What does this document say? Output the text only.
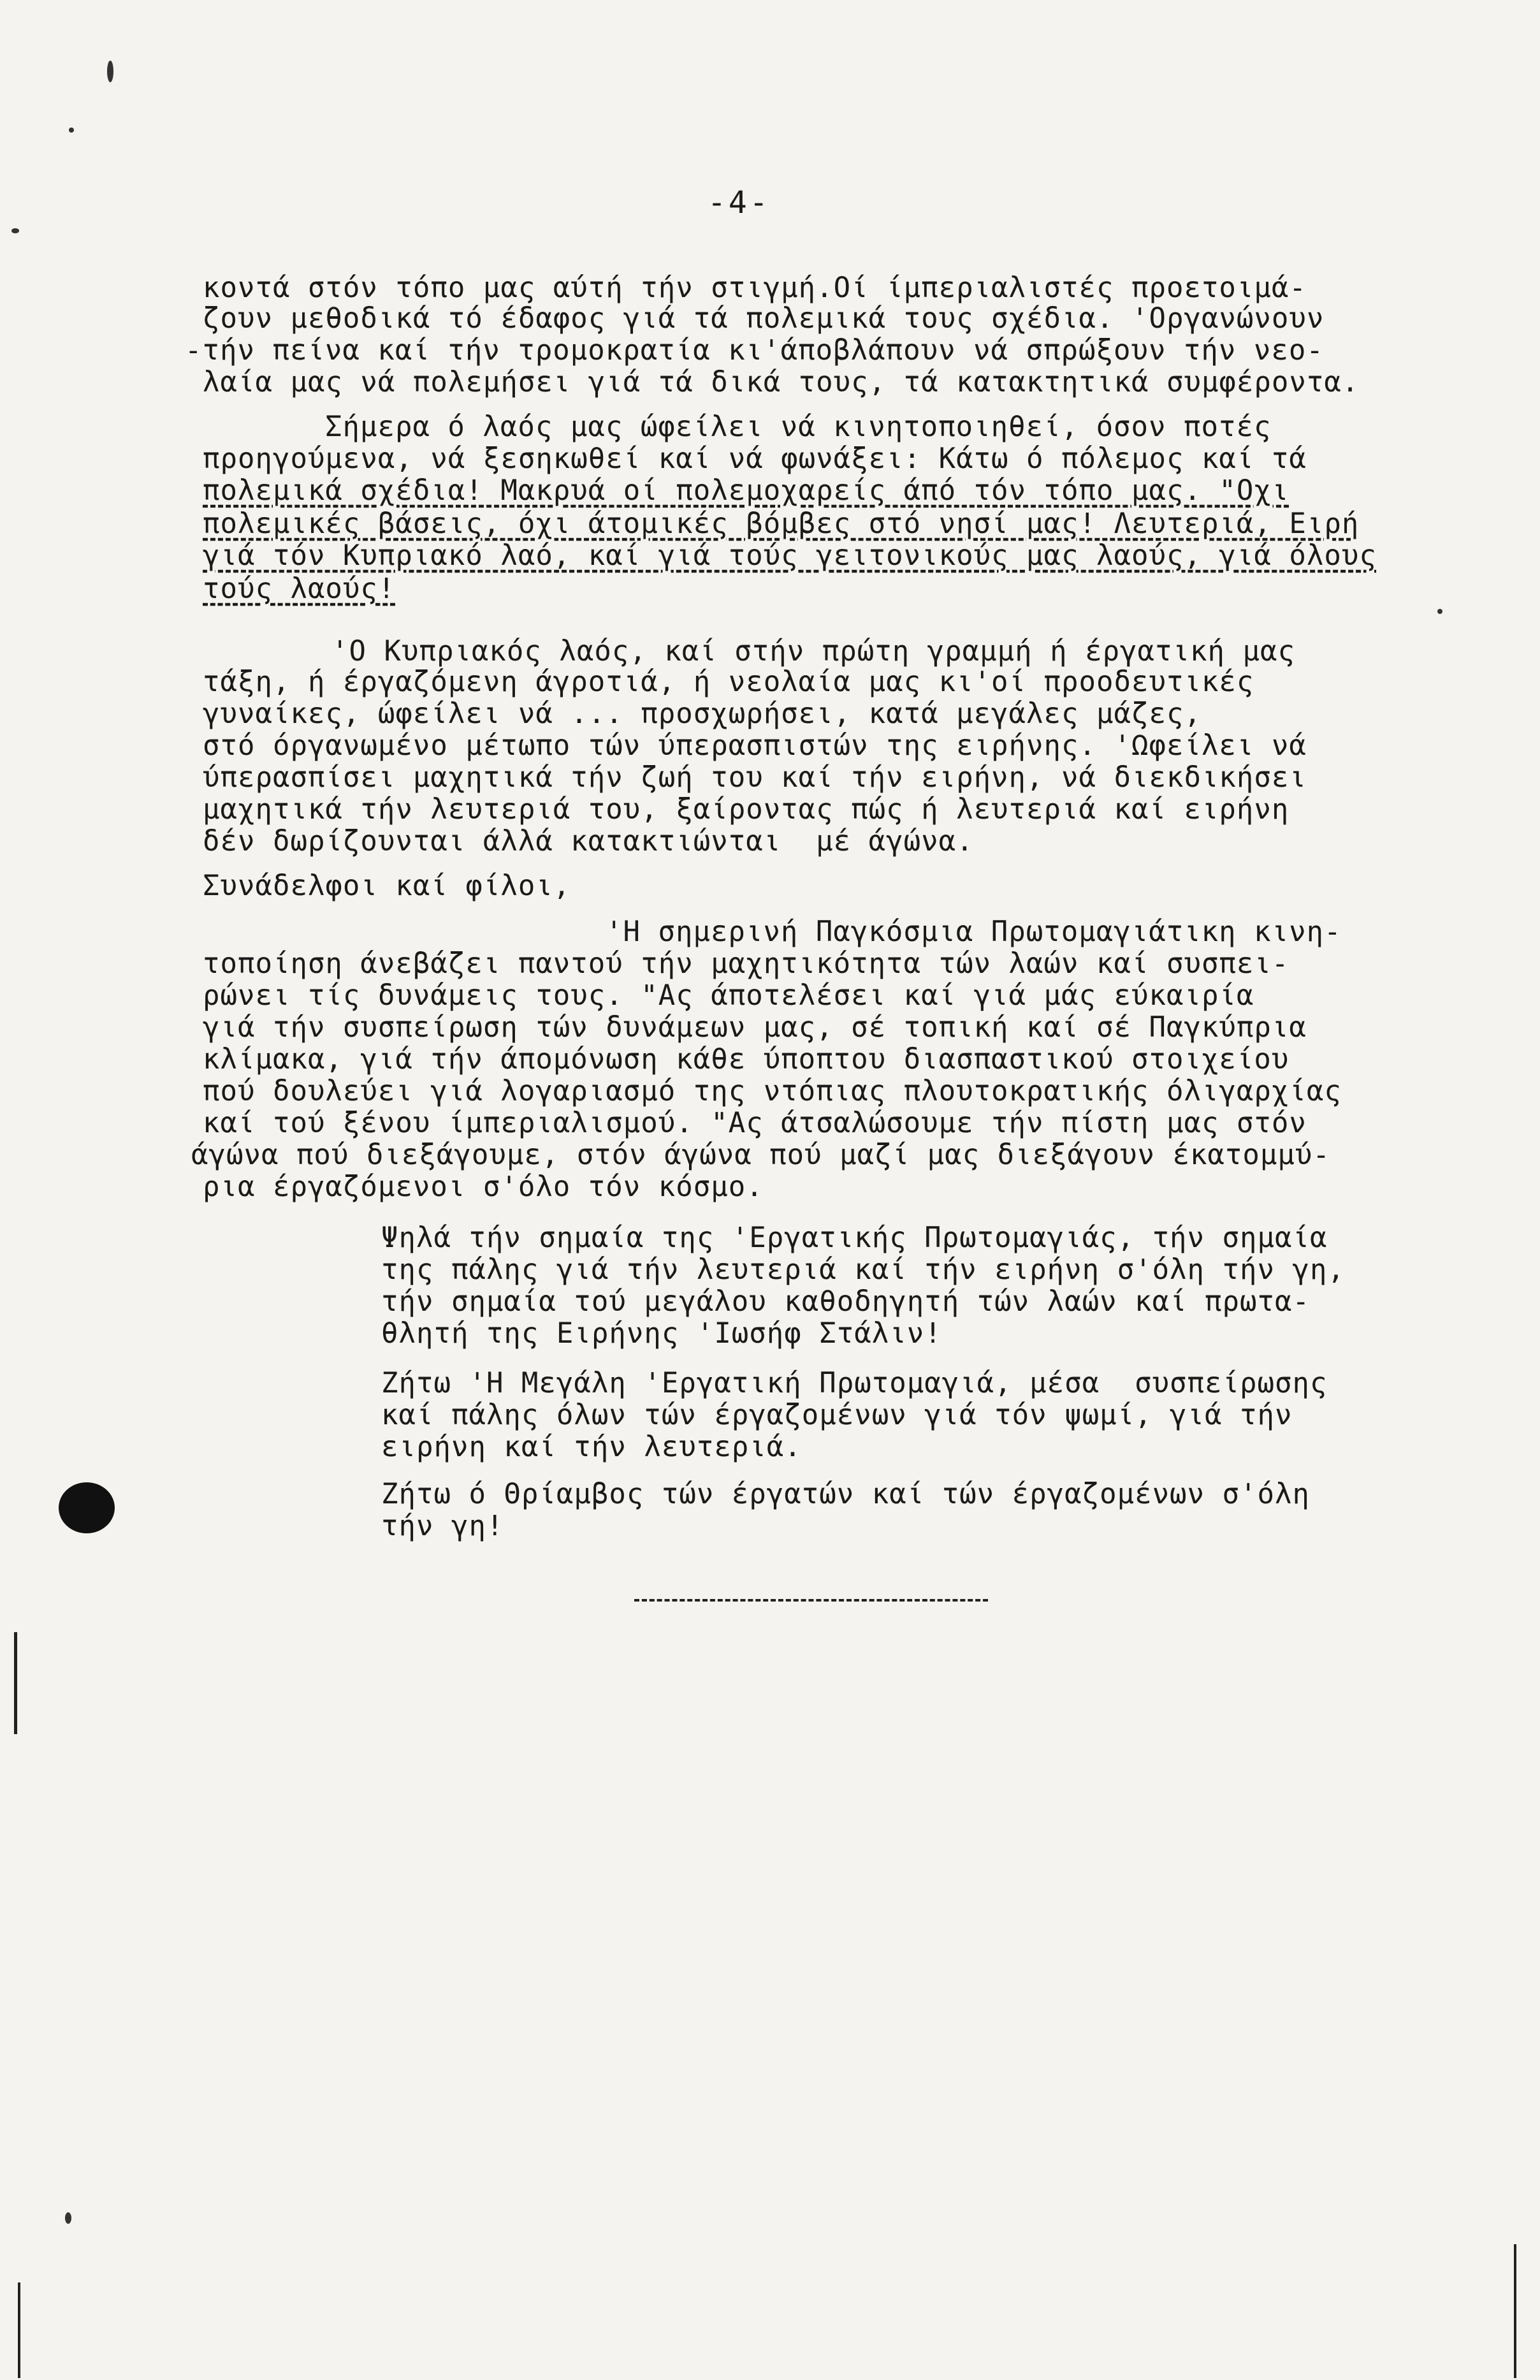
-4-
κοντά στόν τόπο μας αύτή τήν στιγμή.Οί ίμπεριαλιστές προετοιμά-
ζουν μεθοδικά τό έδαφος γιά τά πολεμικά τους σχέδια. 'Οργανώνουν
-τήν πείνα καί τήν τρομοκρατία κι'άποβλάπουν νά σπρώξουν τήν νεο-
λαία μας νά πολεμήσει γιά τά δικά τους, τά κατακτητικά συμφέροντα.
Σήμερα ό λαός μας ώφείλει νά κινητοποιηθεί, όσον ποτές
προηγούμενα, νά ξεσηκωθεί καί νά φωνάξει: Κάτω ό πόλεμος καί τά
πολεμικά σχέδια! Μακρυά οί πολεμοχαρείς άπό τόν τόπο μας. "Οχι
πολεμικές βάσεις, όχι άτομικές βόμβες στό νησί μας! Λευτεριά, Ειρή
γιά τόν Κυπριακό λαό, καί γιά τούς γειτονικούς μας λαούς, γιά όλους
τούς λαούς!
'Ο Κυπριακός λαός, καί στήν πρώτη γραμμή ή έργατική μας
τάξη, ή έργαζόμενη άγροτιά, ή νεολαία μας κι'οί προοδευτικές
γυναίκες, ώφείλει νά ... προσχωρήσει, κατά μεγάλες μάζες,
στό όργανωμένο μέτωπο τών ύπερασπιστών της ειρήνης. 'Ωφείλει νά
ύπερασπίσει μαχητικά τήν ζωή του καί τήν ειρήνη, νά διεκδικήσει
μαχητικά τήν λευτεριά του, ξαίροντας πώς ή λευτεριά καί ειρήνη
δέν δωρίζουνται άλλά κατακτιώνται  μέ άγώνα.
Συνάδελφοι καί φίλοι,
'Η σημερινή Παγκόσμια Πρωτομαγιάτικη κινη-
τοποίηση άνεβάζει παντού τήν μαχητικότητα τών λαών καί συσπει-
ρώνει τίς δυνάμεις τους. "Ας άποτελέσει καί γιά μάς εύκαιρία
γιά τήν συσπείρωση τών δυνάμεων μας, σέ τοπική καί σέ Παγκύπρια
κλίμακα, γιά τήν άπομόνωση κάθε ύποπτου διασπαστικού στοιχείου
πού δουλεύει γιά λογαριασμό της ντόπιας πλουτοκρατικής όλιγαρχίας
καί τού ξένου ίμπεριαλισμού. "Ας άτσαλώσουμε τήν πίστη μας στόν
άγώνα πού διεξάγουμε, στόν άγώνα πού μαζί μας διεξάγουν έκατομμύ-
ρια έργαζόμενοι σ'όλο τόν κόσμο.
Ψηλά τήν σημαία της 'Εργατικής Πρωτομαγιάς, τήν σημαία
της πάλης γιά τήν λευτεριά καί τήν ειρήνη σ'όλη τήν γη,
τήν σημαία τού μεγάλου καθοδηγητή τών λαών καί πρωτα-
θλητή της Ειρήνης 'Ιωσήφ Στάλιν!
Ζήτω 'Η Μεγάλη 'Εργατική Πρωτομαγιά, μέσα  συσπείρωσης
καί πάλης όλων τών έργαζομένων γιά τόν ψωμί, γιά τήν
ειρήνη καί τήν λευτεριά.
Ζήτω ό Θρίαμβος τών έργατών καί τών έργαζομένων σ'όλη
τήν γη!
